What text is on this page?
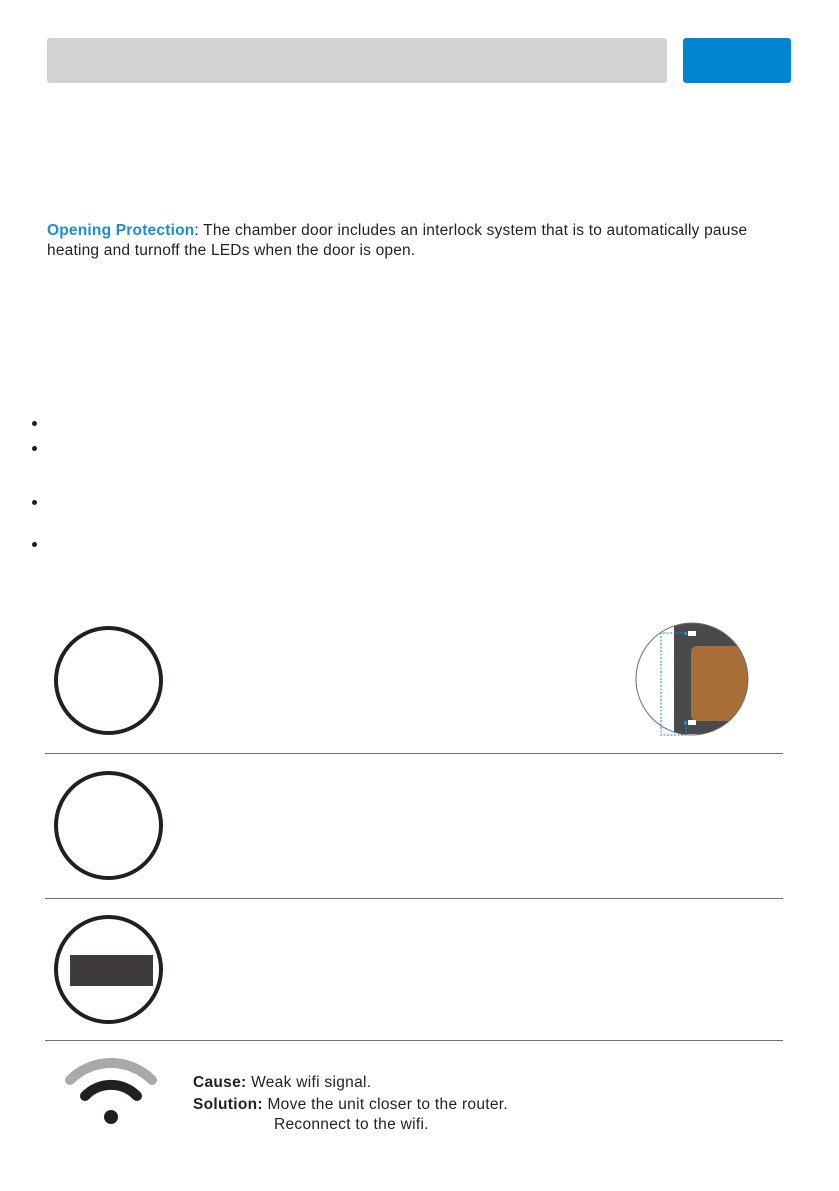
Opening Protection: The chamber door includes an interlock system that is to automatically pause heating and turnoff the LEDs when the door is open.
Cause: Weak wifi signal.
Solution: Move the unit closer to the router.
Reconnect to the wifi.
